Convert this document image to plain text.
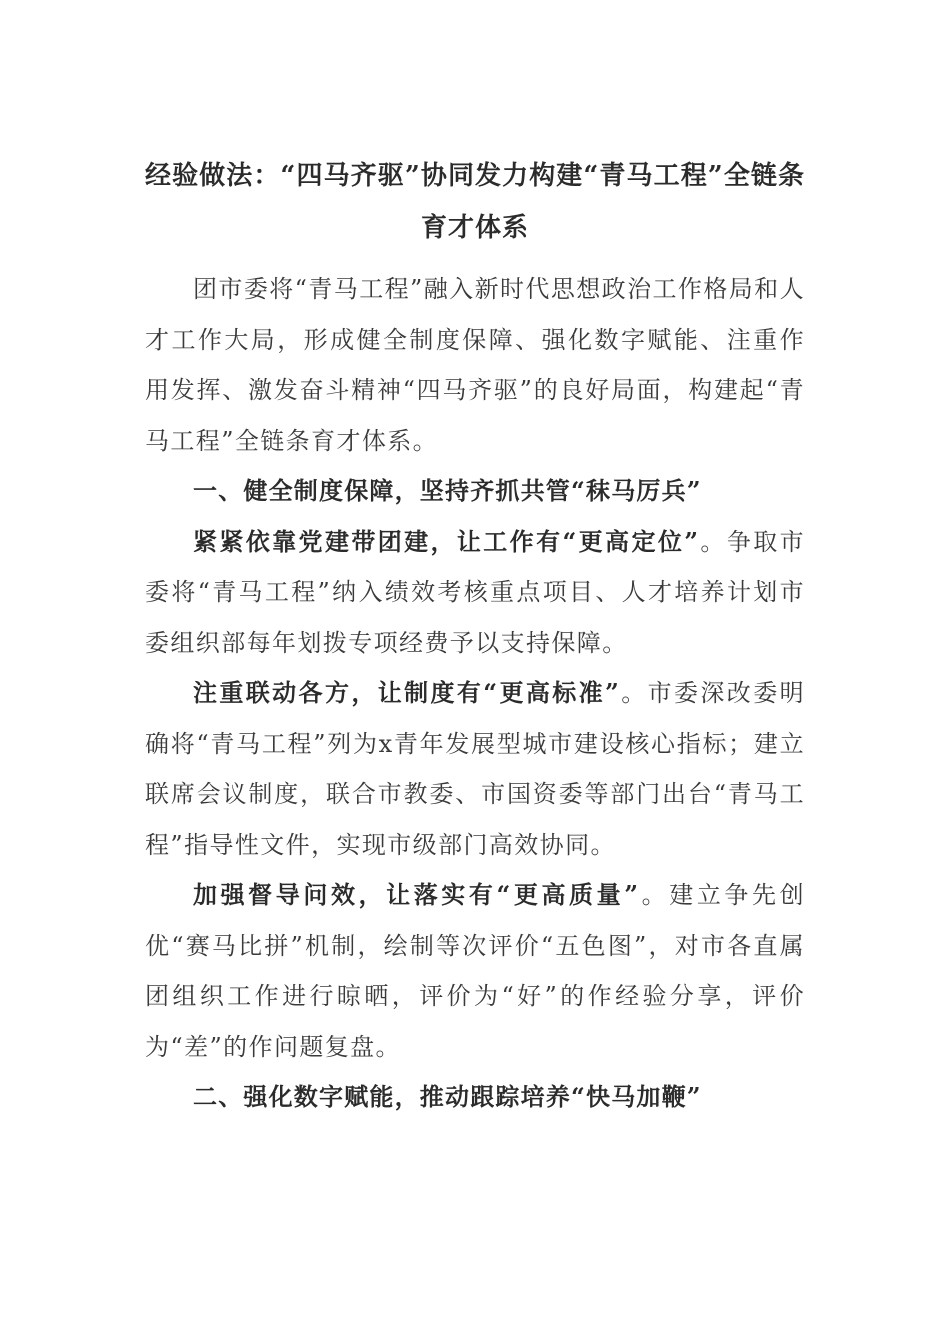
经验做法：“四马齐驱”协同发力构建“青马工程”全链条育才体系

团市委将“青马工程”融入新时代思想政治工作格局和人才工作大局，形成健全制度保障、强化数字赋能、注重作用发挥、激发奋斗精神“四马齐驱”的良好局面，构建起“青马工程”全链条育才体系。

一、健全制度保障，坚持齐抓共管“秣马厉兵”

紧紧依靠党建带团建，让工作有“更高定位”。争取市委将“青马工程”纳入绩效考核重点项目、人才培养计划市委组织部每年划拨专项经费予以支持保障。

注重联动各方，让制度有“更高标准”。市委深改委明确将“青马工程”列为x青年发展型城市建设核心指标；建立联席会议制度，联合市教委、市国资委等部门出台“青马工程”指导性文件，实现市级部门高效协同。

加强督导问效，让落实有“更高质量”。建立争先创优“赛马比拼”机制，绘制等次评价“五色图”，对市各直属团组织工作进行晾晒，评价为“好”的作经验分享，评价为“差”的作问题复盘。

二、强化数字赋能，推动跟踪培养“快马加鞭”
